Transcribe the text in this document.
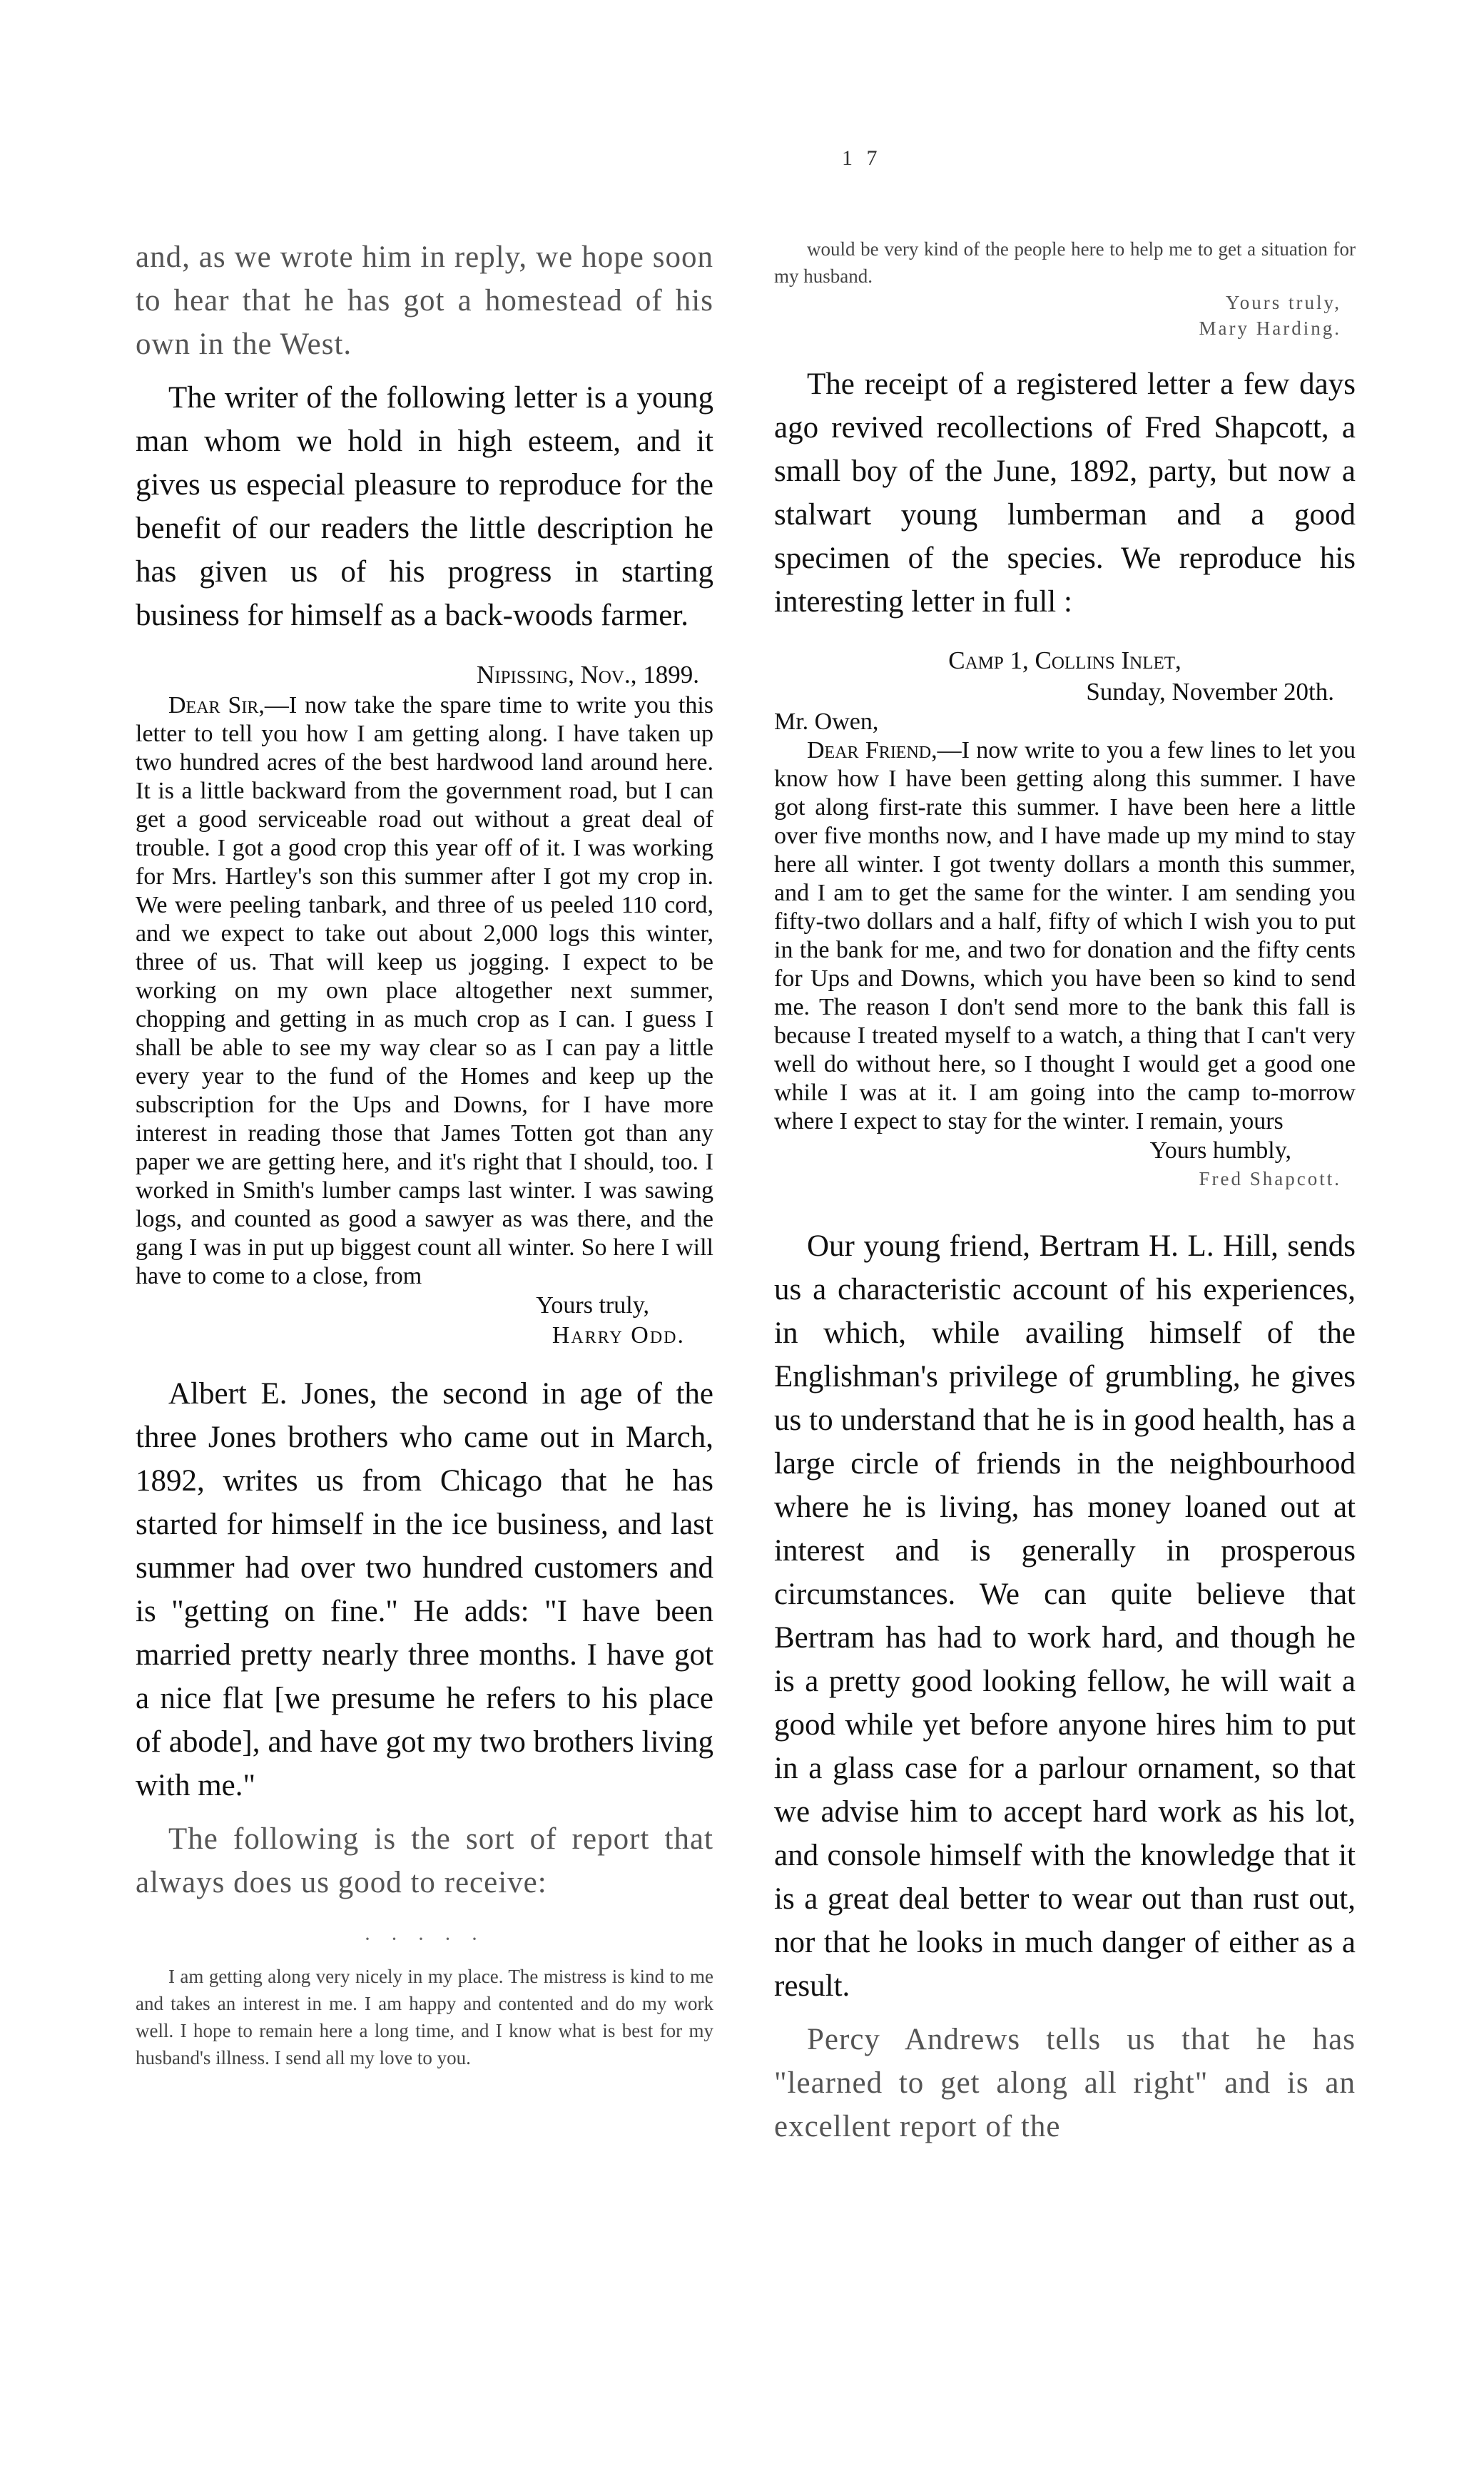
1 7

and, as we wrote him in reply, we hope soon to hear that he has got a homestead of his own in the West.

The writer of the following letter is a young man whom we hold in high esteem, and it gives us especial pleasure to reproduce for the benefit of our readers the little description he has given us of his progress in starting business for himself as a back-woods farmer.

Nipissing, Nov., 1899.

Dear Sir,—I now take the spare time to write you this letter to tell you how I am getting along. I have taken up two hundred acres of the best hardwood land around here. It is a little backward from the government road, but I can get a good serviceable road out without a great deal of trouble. I got a good crop this year off of it. I was working for Mrs. Hartley's son this summer after I got my crop in. We were peeling tanbark, and three of us peeled 110 cord, and we expect to take out about 2,000 logs this winter, three of us. That will keep us jogging. I expect to be working on my own place altogether next summer, chopping and getting in as much crop as I can. I guess I shall be able to see my way clear so as I can pay a little every year to the fund of the Homes and keep up the subscription for the Ups and Downs, for I have more interest in reading those that James Totten got than any paper we are getting here, and it's right that I should, too. I worked in Smith's lumber camps last winter. I was sawing logs, and counted as good a sawyer as was there, and the gang I was in put up biggest count all winter. So here I will have to come to a close, from

Yours truly,
Harry Odd.

Albert E. Jones, the second in age of the three Jones brothers who came out in March, 1892, writes us from Chicago that he has started for himself in the ice business, and last summer had over two hundred customers and is "getting on fine." He adds: "I have been married pretty nearly three months. I have got a nice flat [we presume he refers to his place of abode], and have got my two brothers living with me."

The following is the sort of report that always does us good to receive:

· · · · ·

I am getting along very nicely in my place. The mistress is kind to me and takes an interest in me. I am happy and contented and do my work well. I hope to remain here a long time, and I know what is best for my husband's illness. I send all my love to you.

would be very kind of the people here to help me to get a situation for my husband.

Yours truly,
Mary Harding.

The receipt of a registered letter a few days ago revived recollections of Fred Shapcott, a small boy of the June, 1892, party, but now a stalwart young lumberman and a good specimen of the species. We reproduce his interesting letter in full :

Camp 1, Collins Inlet,
Sunday, November 20th.
Mr. Owen,

Dear Friend,—I now write to you a few lines to let you know how I have been getting along this summer. I have got along first-rate this summer. I have been here a little over five months now, and I have made up my mind to stay here all winter. I got twenty dollars a month this summer, and I am to get the same for the winter. I am sending you fifty-two dollars and a half, fifty of which I wish you to put in the bank for me, and two for donation and the fifty cents for Ups and Downs, which you have been so kind to send me. The reason I don't send more to the bank this fall is because I treated myself to a watch, a thing that I can't very well do without here, so I thought I would get a good one while I was at it. I am going into the camp to-morrow where I expect to stay for the winter. I remain, yours

Yours humbly,
Fred Shapcott.

Our young friend, Bertram H. L. Hill, sends us a characteristic account of his experiences, in which, while availing himself of the Englishman's privilege of grumbling, he gives us to understand that he is in good health, has a large circle of friends in the neighbourhood where he is living, has money loaned out at interest and is generally in prosperous circumstances. We can quite believe that Bertram has had to work hard, and though he is a pretty good looking fellow, he will wait a good while yet before anyone hires him to put in a glass case for a parlour ornament, so that we advise him to accept hard work as his lot, and console himself with the knowledge that it is a great deal better to wear out than rust out, nor that he looks in much danger of either as a result.

Percy Andrews tells us that he has "learned to get along all right" and is an excellent report of the
